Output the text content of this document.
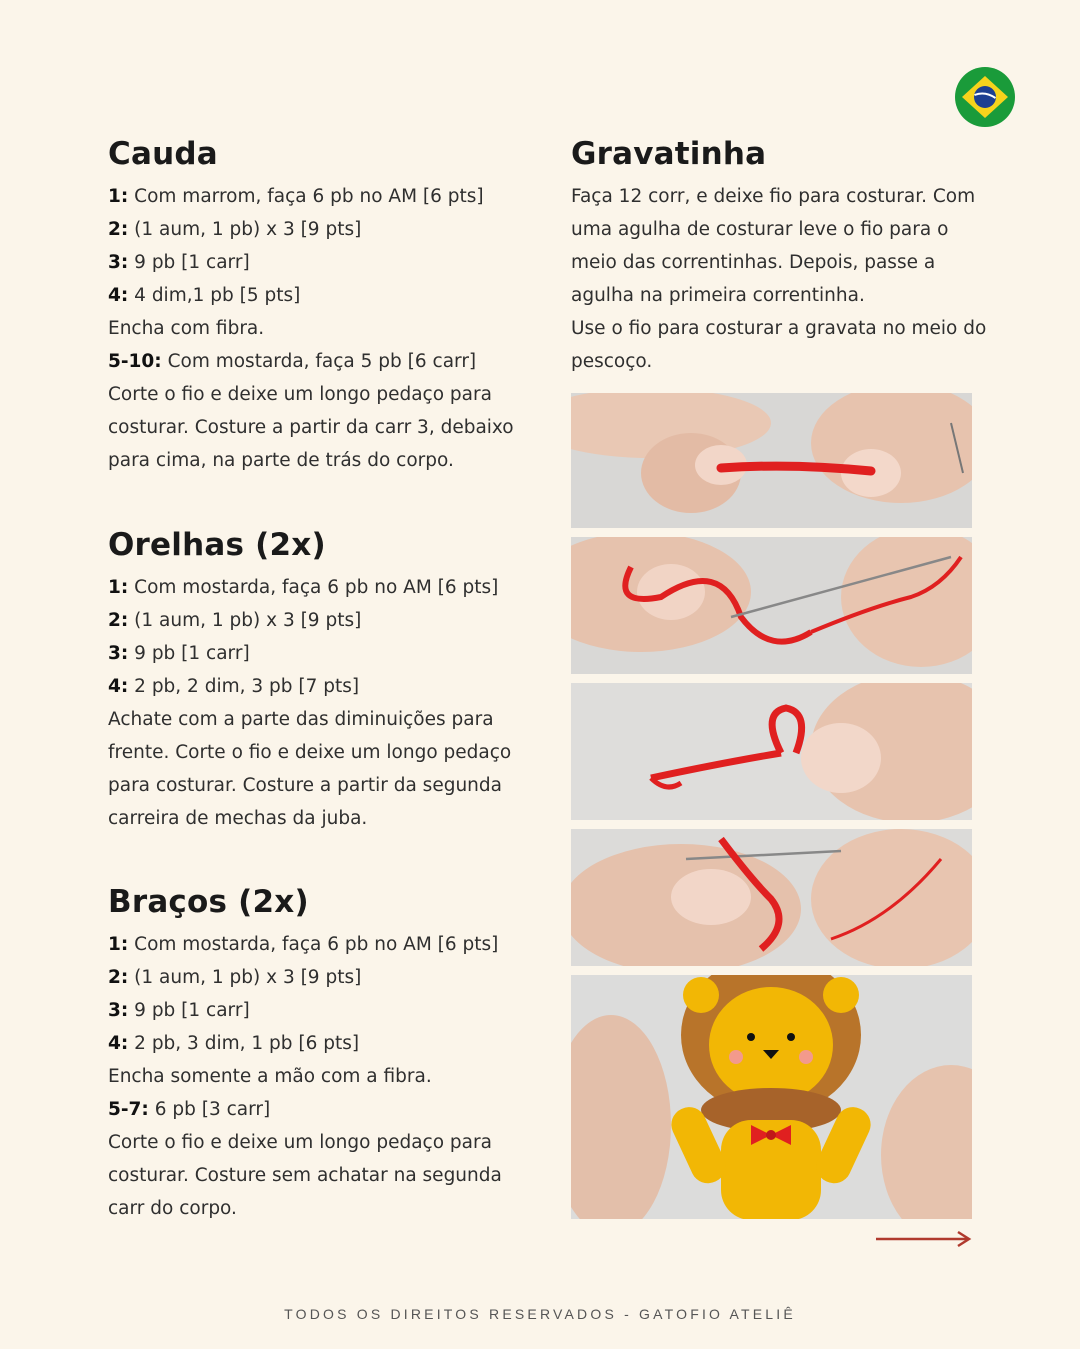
Cauda
1: Com marrom, faça 6 pb no AM [6 pts]
2: (1 aum, 1 pb) x 3 [9 pts]
3: 9 pb [1 carr]
4: 4 dim,1 pb [5 pts]
Encha com fibra.
5-10: Com mostarda, faça 5 pb [6 carr]
Corte o fio e deixe um longo pedaço para
costurar. Costure a partir da carr 3, debaixo
para cima, na parte de trás do corpo.
Orelhas (2x)
1: Com mostarda, faça 6 pb no AM [6 pts]
2: (1 aum, 1 pb) x 3 [9 pts]
3: 9 pb [1 carr]
4: 2 pb, 2 dim, 3 pb [7 pts]
Achate com a parte das diminuições para
frente. Corte o fio e deixe um longo pedaço
para costurar. Costure a partir da segunda
carreira de mechas da juba.
Braços (2x)
1: Com mostarda, faça 6 pb no AM [6 pts]
2: (1 aum, 1 pb) x 3 [9 pts]
3: 9 pb [1 carr]
4: 2 pb, 3 dim, 1 pb [6 pts]
Encha somente a mão com a fibra.
5-7: 6 pb [3 carr]
Corte o fio e deixe um longo pedaço para
costurar. Costure sem achatar na segunda
carr do corpo.
Gravatinha
Faça 12 corr, e deixe fio para costurar. Com
uma agulha de costurar leve o fio para o
meio das correntinhas. Depois, passe a
agulha na primeira correntinha.
Use o fio para costurar a gravata no meio do
pescoço.
TODOS OS DIREITOS RESERVADOS - GATOFIO ATELIÊ
